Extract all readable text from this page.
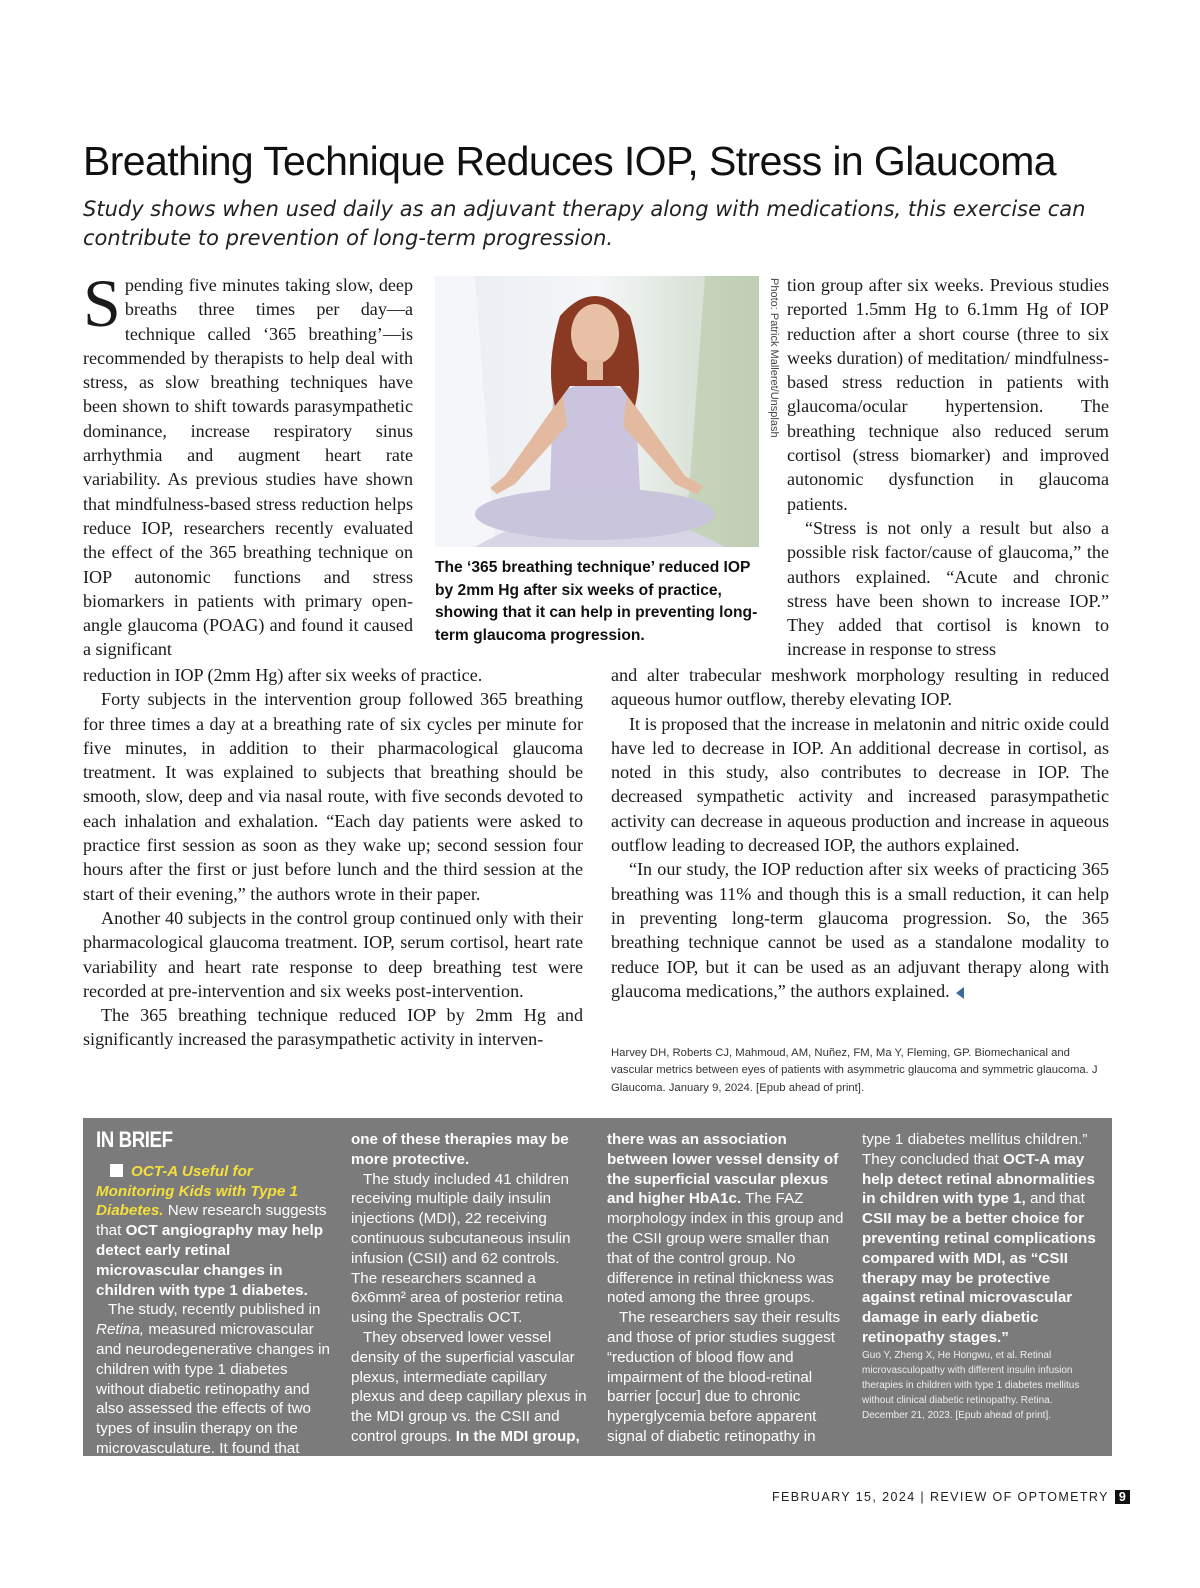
Breathing Technique Reduces IOP, Stress in Glaucoma
Study shows when used daily as an adjuvant therapy along with medications, this exercise can contribute to prevention of long-term progression.

Spending five minutes taking slow, deep breaths three times per day—a technique called ‘365 breathing’—is recommended by therapists to help deal with stress, as slow breathing techniques have been shown to shift towards parasympathetic dominance, increase respiratory sinus arrhythmia and augment heart rate variability. As previous studies have shown that mindfulness-based stress reduction helps reduce IOP, researchers recently evaluated the effect of the 365 breathing technique on IOP autonomic functions and stress biomarkers in patients with primary open-angle glaucoma (POAG) and found it caused a significant

reduction in IOP (2mm Hg) after six weeks of practice.

Forty subjects in the intervention group followed 365 breathing for three times a day at a breathing rate of six cycles per minute for five minutes, in addition to their pharmacological glaucoma treatment. It was explained to subjects that breathing should be smooth, slow, deep and via nasal route, with five seconds devoted to each inhalation and exhalation. “Each day patients were asked to practice first session as soon as they wake up; second session four hours after the first or just before lunch and the third session at the start of their evening,” the authors wrote in their paper.

Another 40 subjects in the control group continued only with their pharmacological glaucoma treatment. IOP, serum cortisol, heart rate variability and heart rate response to deep breathing test were recorded at pre-intervention and six weeks post-intervention.

The 365 breathing technique reduced IOP by 2mm Hg and significantly increased the parasympathetic activity in interven-

Photo: Patrick Malleret/Unsplash
The ‘365 breathing technique’ reduced IOP by 2mm Hg after six weeks of practice, showing that it can help in preventing long-term glaucoma progression.

tion group after six weeks. Previous studies reported 1.5mm Hg to 6.1mm Hg of IOP reduction after a short course (three to six weeks duration) of meditation/ mindfulness-based stress reduction in patients with glaucoma/ocular hypertension. The breathing technique also reduced serum cortisol (stress biomarker) and improved autonomic dysfunction in glaucoma patients.

“Stress is not only a result but also a possible risk factor/cause of glaucoma,” the authors explained. “Acute and chronic stress have been shown to increase IOP.” They added that cortisol is known to increase in response to stress

and alter trabecular meshwork morphology resulting in reduced aqueous humor outflow, thereby elevating IOP.

It is proposed that the increase in melatonin and nitric oxide could have led to decrease in IOP. An additional decrease in cortisol, as noted in this study, also contributes to decrease in IOP. The decreased sympathetic activity and increased parasympathetic activity can decrease in aqueous production and increase in aqueous outflow leading to decreased IOP, the authors explained.

“In our study, the IOP reduction after six weeks of practicing 365 breathing was 11% and though this is a small reduction, it can help in preventing long-term glaucoma progression. So, the 365 breathing technique cannot be used as a standalone modality to reduce IOP, but it can be used as an adjuvant therapy along with glaucoma medications,” the authors explained.

Harvey DH, Roberts CJ, Mahmoud, AM, Nuñez, FM, Ma Y, Fleming, GP. Biomechanical and vascular metrics between eyes of patients with asymmetric glaucoma and symmetric glaucoma. J Glaucoma. January 9, 2024. [Epub ahead of print].
IN BRIEF

OCT-A Useful for Monitoring Kids with Type 1 Diabetes. New research suggests that OCT angiography may help detect early retinal microvascular changes in children with type 1 diabetes.

The study, recently published in Retina, measured microvascular and neurodegenerative changes in children with type 1 diabetes without diabetic retinopathy and also assessed the effects of two types of insulin therapy on the microvasculature. It found that

one of these therapies may be more protective.

The study included 41 children receiving multiple daily insulin injections (MDI), 22 receiving continuous subcutaneous insulin infusion (CSII) and 62 controls. The researchers scanned a 6x6mm² area of posterior retina using the Spectralis OCT.

They observed lower vessel density of the superficial vascular plexus, intermediate capillary plexus and deep capillary plexus in the MDI group vs. the CSII and control groups. In the MDI group,

there was an association between lower vessel density of the superficial vascular plexus and higher HbA1c. The FAZ morphology index in this group and the CSII group were smaller than that of the control group. No difference in retinal thickness was noted among the three groups.

The researchers say their results and those of prior studies suggest “reduction of blood flow and impairment of the blood-retinal barrier [occur] due to chronic hyperglycemia before apparent signal of diabetic retinopathy in

type 1 diabetes mellitus children.” They concluded that OCT-A may help detect retinal abnormalities in children with type 1, and that CSII may be a better choice for preventing retinal complications compared with MDI, as “CSII therapy may be protective against retinal microvascular damage in early diabetic retinopathy stages.”

Guo Y, Zheng X, He Hongwu, et al. Retinal microvasculopathy with different insulin infusion therapies in children with type 1 diabetes mellitus without clinical diabetic retinopathy. Retina. December 21, 2023. [Epub ahead of print].

FEBRUARY 15, 2024 | REVIEW OF OPTOMETRY 9
